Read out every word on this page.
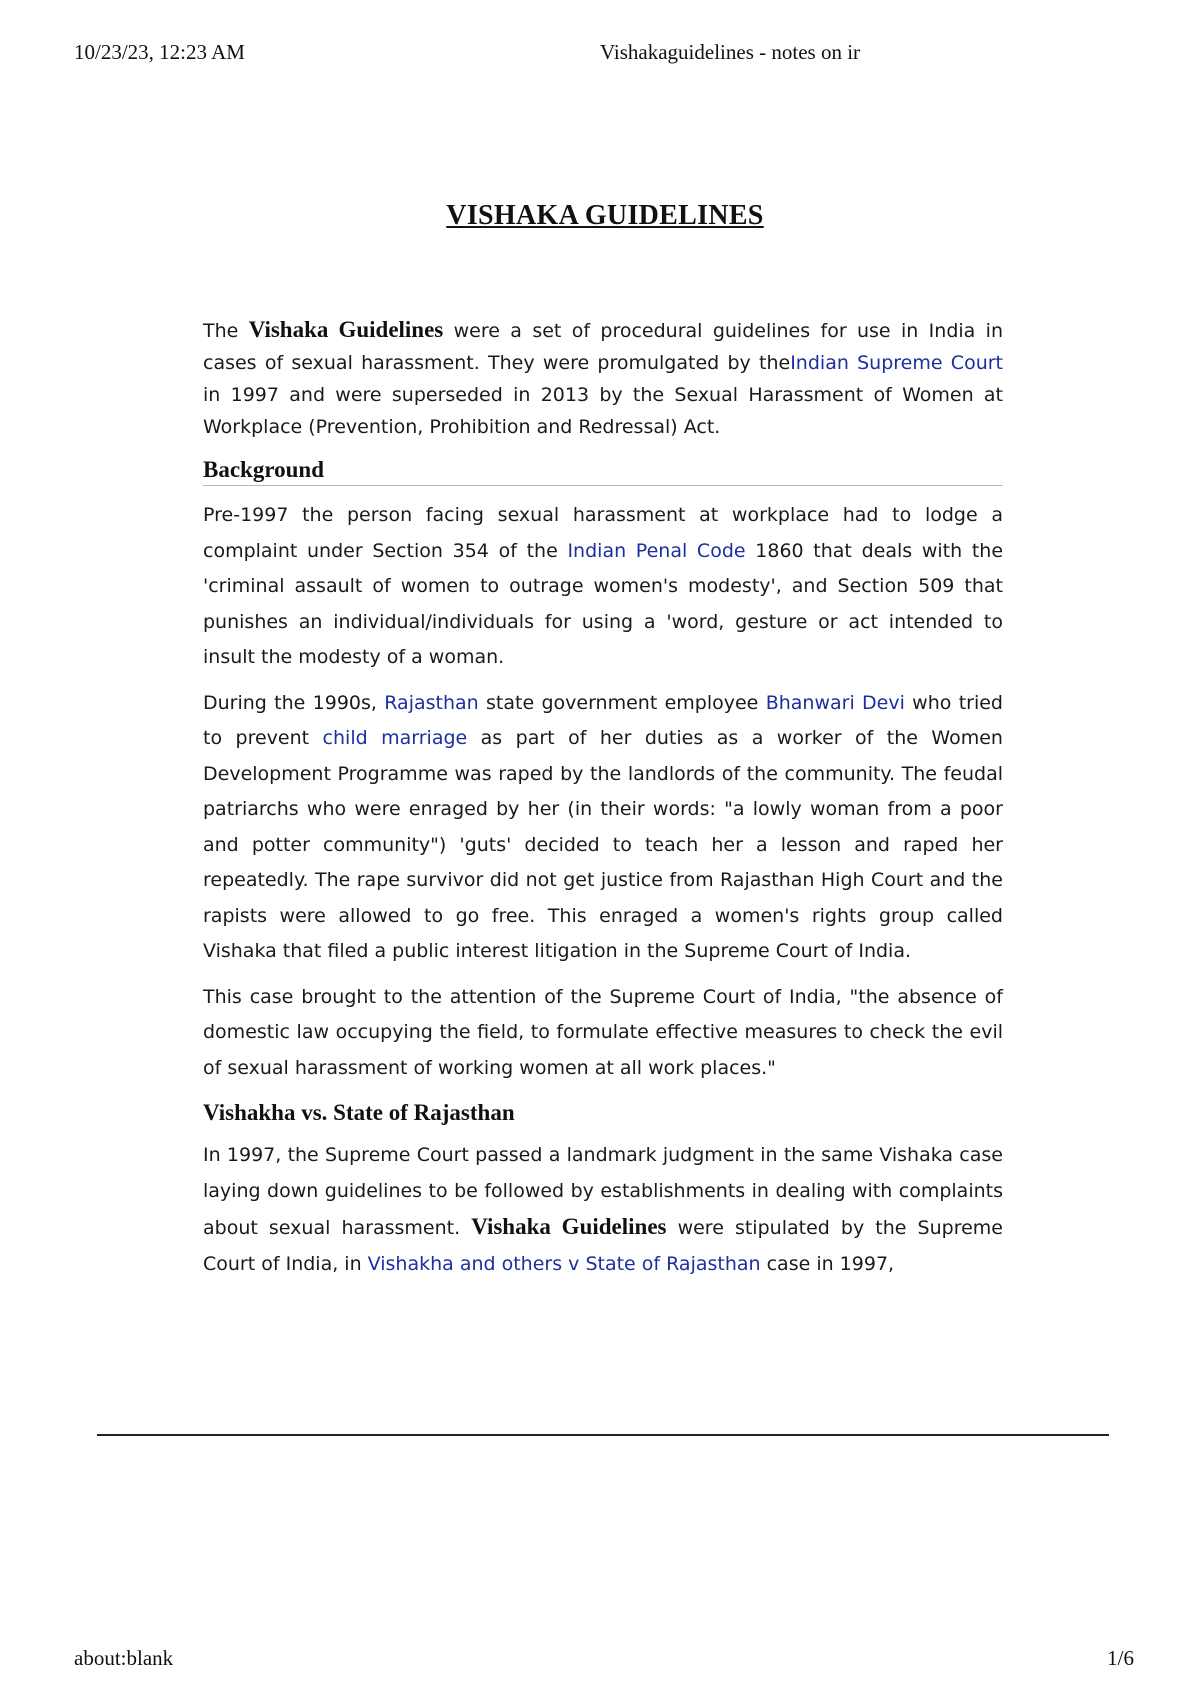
10/23/23, 12:23 AM	Vishakaguidelines - notes on ir
VISHAKA GUIDELINES

The Vishaka Guidelines were a set of procedural guidelines for use in India in cases of sexual harassment. They were promulgated by theIndian Supreme Court in 1997 and were superseded in 2013 by the Sexual Harassment of Women at Workplace (Prevention, Prohibition and Redressal) Act.

Background

Pre-1997 the person facing sexual harassment at workplace had to lodge a complaint under Section 354 of the Indian Penal Code 1860 that deals with the 'criminal assault of women to outrage women's modesty', and Section 509 that punishes an individual/individuals for using a 'word, gesture or act intended to insult the modesty of a woman.

During the 1990s, Rajasthan state government employee Bhanwari Devi who tried to prevent child marriage as part of her duties as a worker of the Women Development Programme was raped by the landlords of the community. The feudal patriarchs who were enraged by her (in their words: "a lowly woman from a poor and potter community") 'guts' decided to teach her a lesson and raped her repeatedly. The rape survivor did not get justice from Rajasthan High Court and the rapists were allowed to go free. This enraged a women's rights group called Vishaka that filed a public interest litigation in the Supreme Court of India.

This case brought to the attention of the Supreme Court of India, "the absence of domestic law occupying the field, to formulate effective measures to check the evil of sexual harassment of working women at all work places."

Vishakha vs. State of Rajasthan

In 1997, the Supreme Court passed a landmark judgment in the same Vishaka case laying down guidelines to be followed by establishments in dealing with complaints about sexual harassment. Vishaka Guidelines were stipulated by the Supreme Court of India, in Vishakha and others v State of Rajasthan case in 1997,

about:blank	1/6
